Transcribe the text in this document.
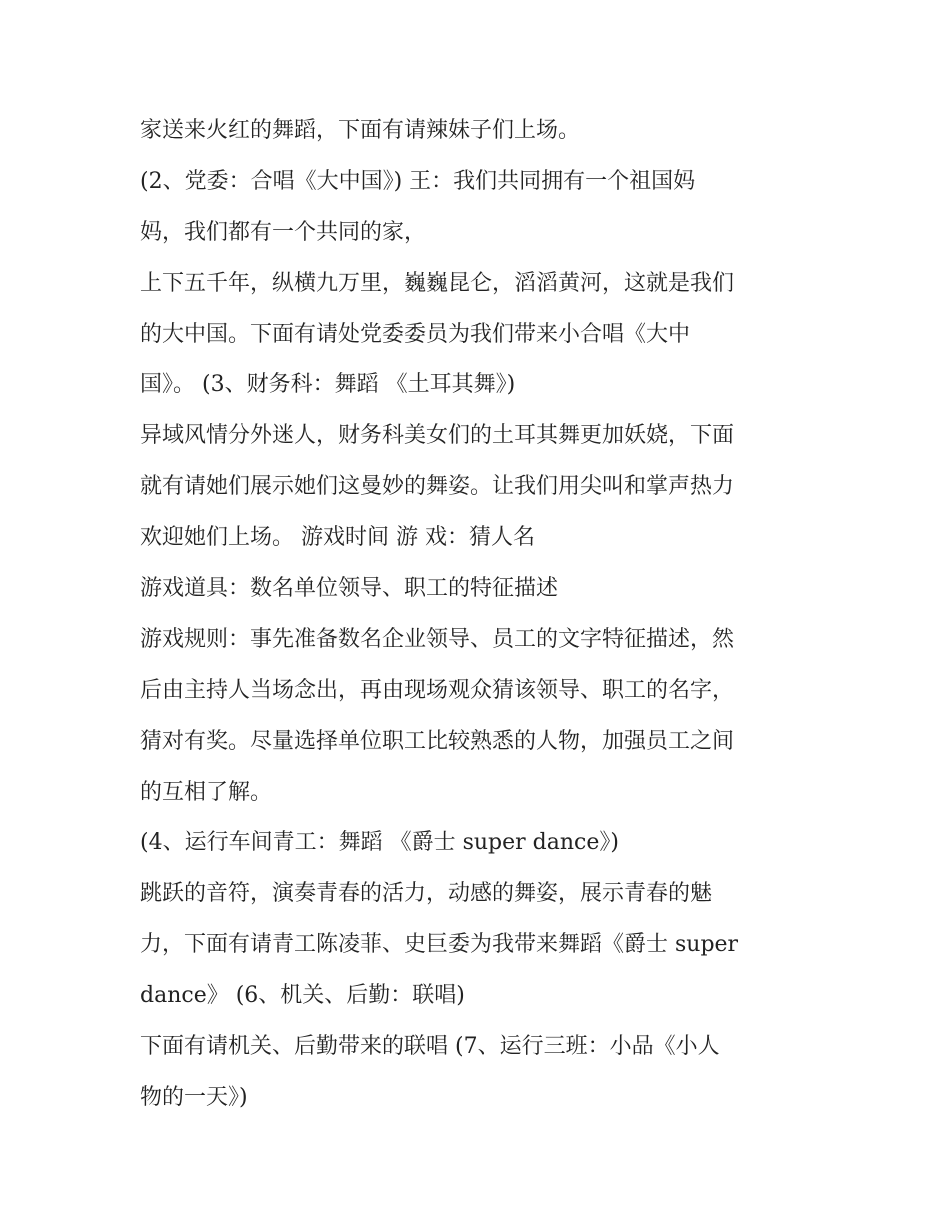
家送来火红的舞蹈，下面有请辣妹子们上场。
(2、党委：合唱《大中国》) 王：我们共同拥有一个祖国妈
妈，我们都有一个共同的家，
上下五千年，纵横九万里，巍巍昆仑，滔滔黄河，这就是我们
的大中国。下面有请处党委委员为我们带来小合唱《大中
国》。 (3、财务科：舞蹈 《土耳其舞》)
异域风情分外迷人，财务科美女们的土耳其舞更加妖娆，下面
就有请她们展示她们这曼妙的舞姿。让我们用尖叫和掌声热力
欢迎她们上场。 游戏时间 游 戏：猜人名
游戏道具：数名单位领导、职工的特征描述
游戏规则：事先准备数名企业领导、员工的文字特征描述，然
后由主持人当场念出，再由现场观众猜该领导、职工的名字，
猜对有奖。尽量选择单位职工比较熟悉的人物，加强员工之间
的互相了解。
(4、运行车间青工：舞蹈 《爵士 super dance》)
跳跃的音符，演奏青春的活力，动感的舞姿，展示青春的魅
力，下面有请青工陈凌菲、史巨委为我带来舞蹈《爵士 super
dance》 (6、机关、后勤：联唱)
下面有请机关、后勤带来的联唱 (7、运行三班：小品《小人
物的一天》)
